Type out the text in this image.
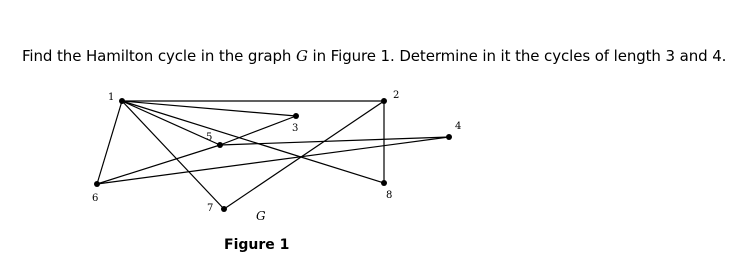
Find the Hamilton cycle in the graph G in Figure 1. Determine in it the cycles of length 3 and 4.
1	2
3	4
5
6
7
8
G
Figure 1
